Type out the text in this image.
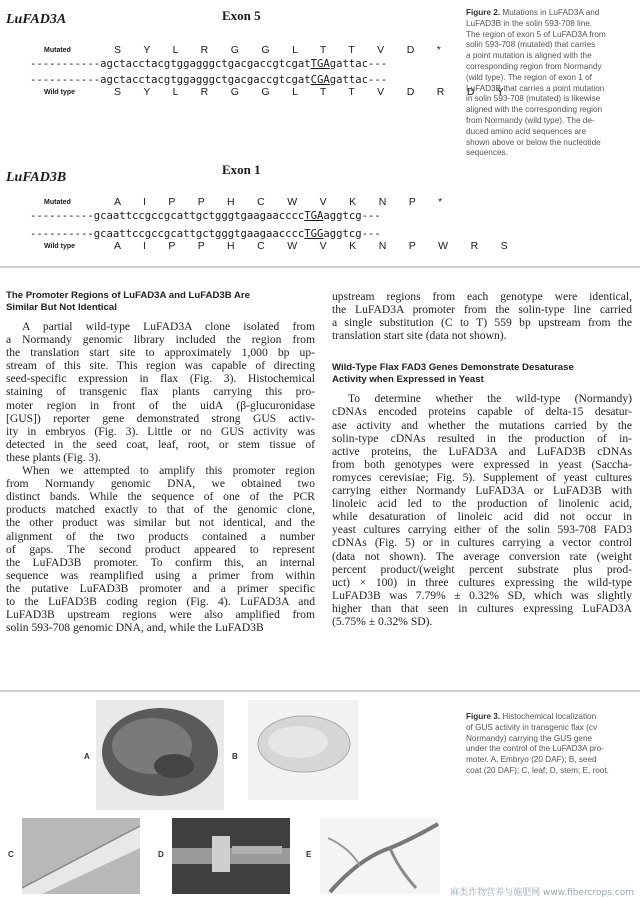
LuFAD3A	Exon 5
Mutated	S Y L R G G L T T V D *
-----------agctacctacgtggagggctgacgaccgtcgatTGAgattac---
-----------agctacctacgtggagggctgacgaccgtcgatCGAgattac---
Wild type	S Y L R G G L T T V D R D Y
LuFAD3B
Exon 1
Mutated	A I P P H C W V K N P *
----------gcaattccgccgcattgctgggtgaagaaccccTGAaggtcg---
----------gcaattccgccgcattgctgggtgaagaaccccTGGaggtcg---
Wild type	A I P P H C W V K N P W R S
Figure 2. Mutations in LuFAD3A and
LuFAD3B in the solin 593-708 line.
The region of exon 5 of LuFAD3A from
solin 593-708 (mutated) that carries
a point mutation is aligned with the
corresponding region from Normandy
(wild type). The region of exon 1 of
LuFAD3B that carries a point mutation
in solin 593-708 (mutated) is likewise
aligned with the corresponding region
from Normandy (wild type). The de-
duced amino acid sequences are
shown above or below the nucleotide
sequences.
The Promoter Regions of LuFAD3A and LuFAD3B Are
Similar But Not Identical
A partial wild-type LuFAD3A clone isolated from
a Normandy genomic library included the region from
the translation start site to approximately 1,000 bp up-
stream of this site. This region was capable of directing
seed-specific expression in flax (Fig. 3). Histochemical
staining of transgenic flax plants carrying this pro-
moter region in front of the uidA (β-glucuronidase
[GUS]) reporter gene demonstrated strong GUS activ-
ity in embryos (Fig. 3). Little or no GUS activity was
detected in the seed coat, leaf, root, or stem tissue of
these plants (Fig. 3).
When we attempted to amplify this promoter region
from Normandy genomic DNA, we obtained two
distinct bands. While the sequence of one of the PCR
products matched exactly to that of the genomic clone,
the other product was similar but not identical, and the
alignment of the two products contained a number
of gaps. The second product appeared to represent
the LuFAD3B promoter. To confirm this, an internal
sequence was reamplified using a primer from within
the putative LuFAD3B promoter and a primer specific
to the LuFAD3B coding region (Fig. 4). LuFAD3A and
LuFAD3B upstream regions were also amplified from
solin 593-708 genomic DNA, and, while the LuFAD3B
upstream regions from each genotype were identical,
the LuFAD3A promoter from the solin-type line carried
a single substitution (C to T) 559 bp upstream from the
translation start site (data not shown).
Wild-Type Flax FAD3 Genes Demonstrate Desaturase
Activity when Expressed in Yeast
To determine whether the wild-type (Normandy)
cDNAs encoded proteins capable of delta-15 desatur-
ase activity and whether the mutations carried by the
solin-type cDNAs resulted in the production of in-
active proteins, the LuFAD3A and LuFAD3B cDNAs
from both genotypes were expressed in yeast (Saccha-
romyces cerevisiae; Fig. 5). Supplement of yeast cultures
carrying either Normandy LuFAD3A or LuFAD3B with
linoleic acid led to the production of linolenic acid,
while desaturation of linoleic acid did not occur in
yeast cultures carrying either of the solin 593-708 FAD3
cDNAs (Fig. 5) or in cultures carrying a vector control
(data not shown). The average conversion rate (weight
percent product/(weight percent substrate plus prod-
uct) × 100) in three cultures expressing the wild-type
LuFAD3B was 7.79% ± 0.32% SD, which was slightly
higher than that seen in cultures expressing LuFAD3A
(5.75% ± 0.32% SD).
A	B
C	D	E
Figure 3. Histochemical localization
of GUS activity in transgenic flax (cv
Normandy) carrying the GUS gene
under the control of the LuFAD3A pro-
moter. A, Embryo (20 DAF); B, seed
coat (20 DAF); C, leaf; D, stem; E, root.
麻类作物营养与施肥网 www.fibercrops.com
